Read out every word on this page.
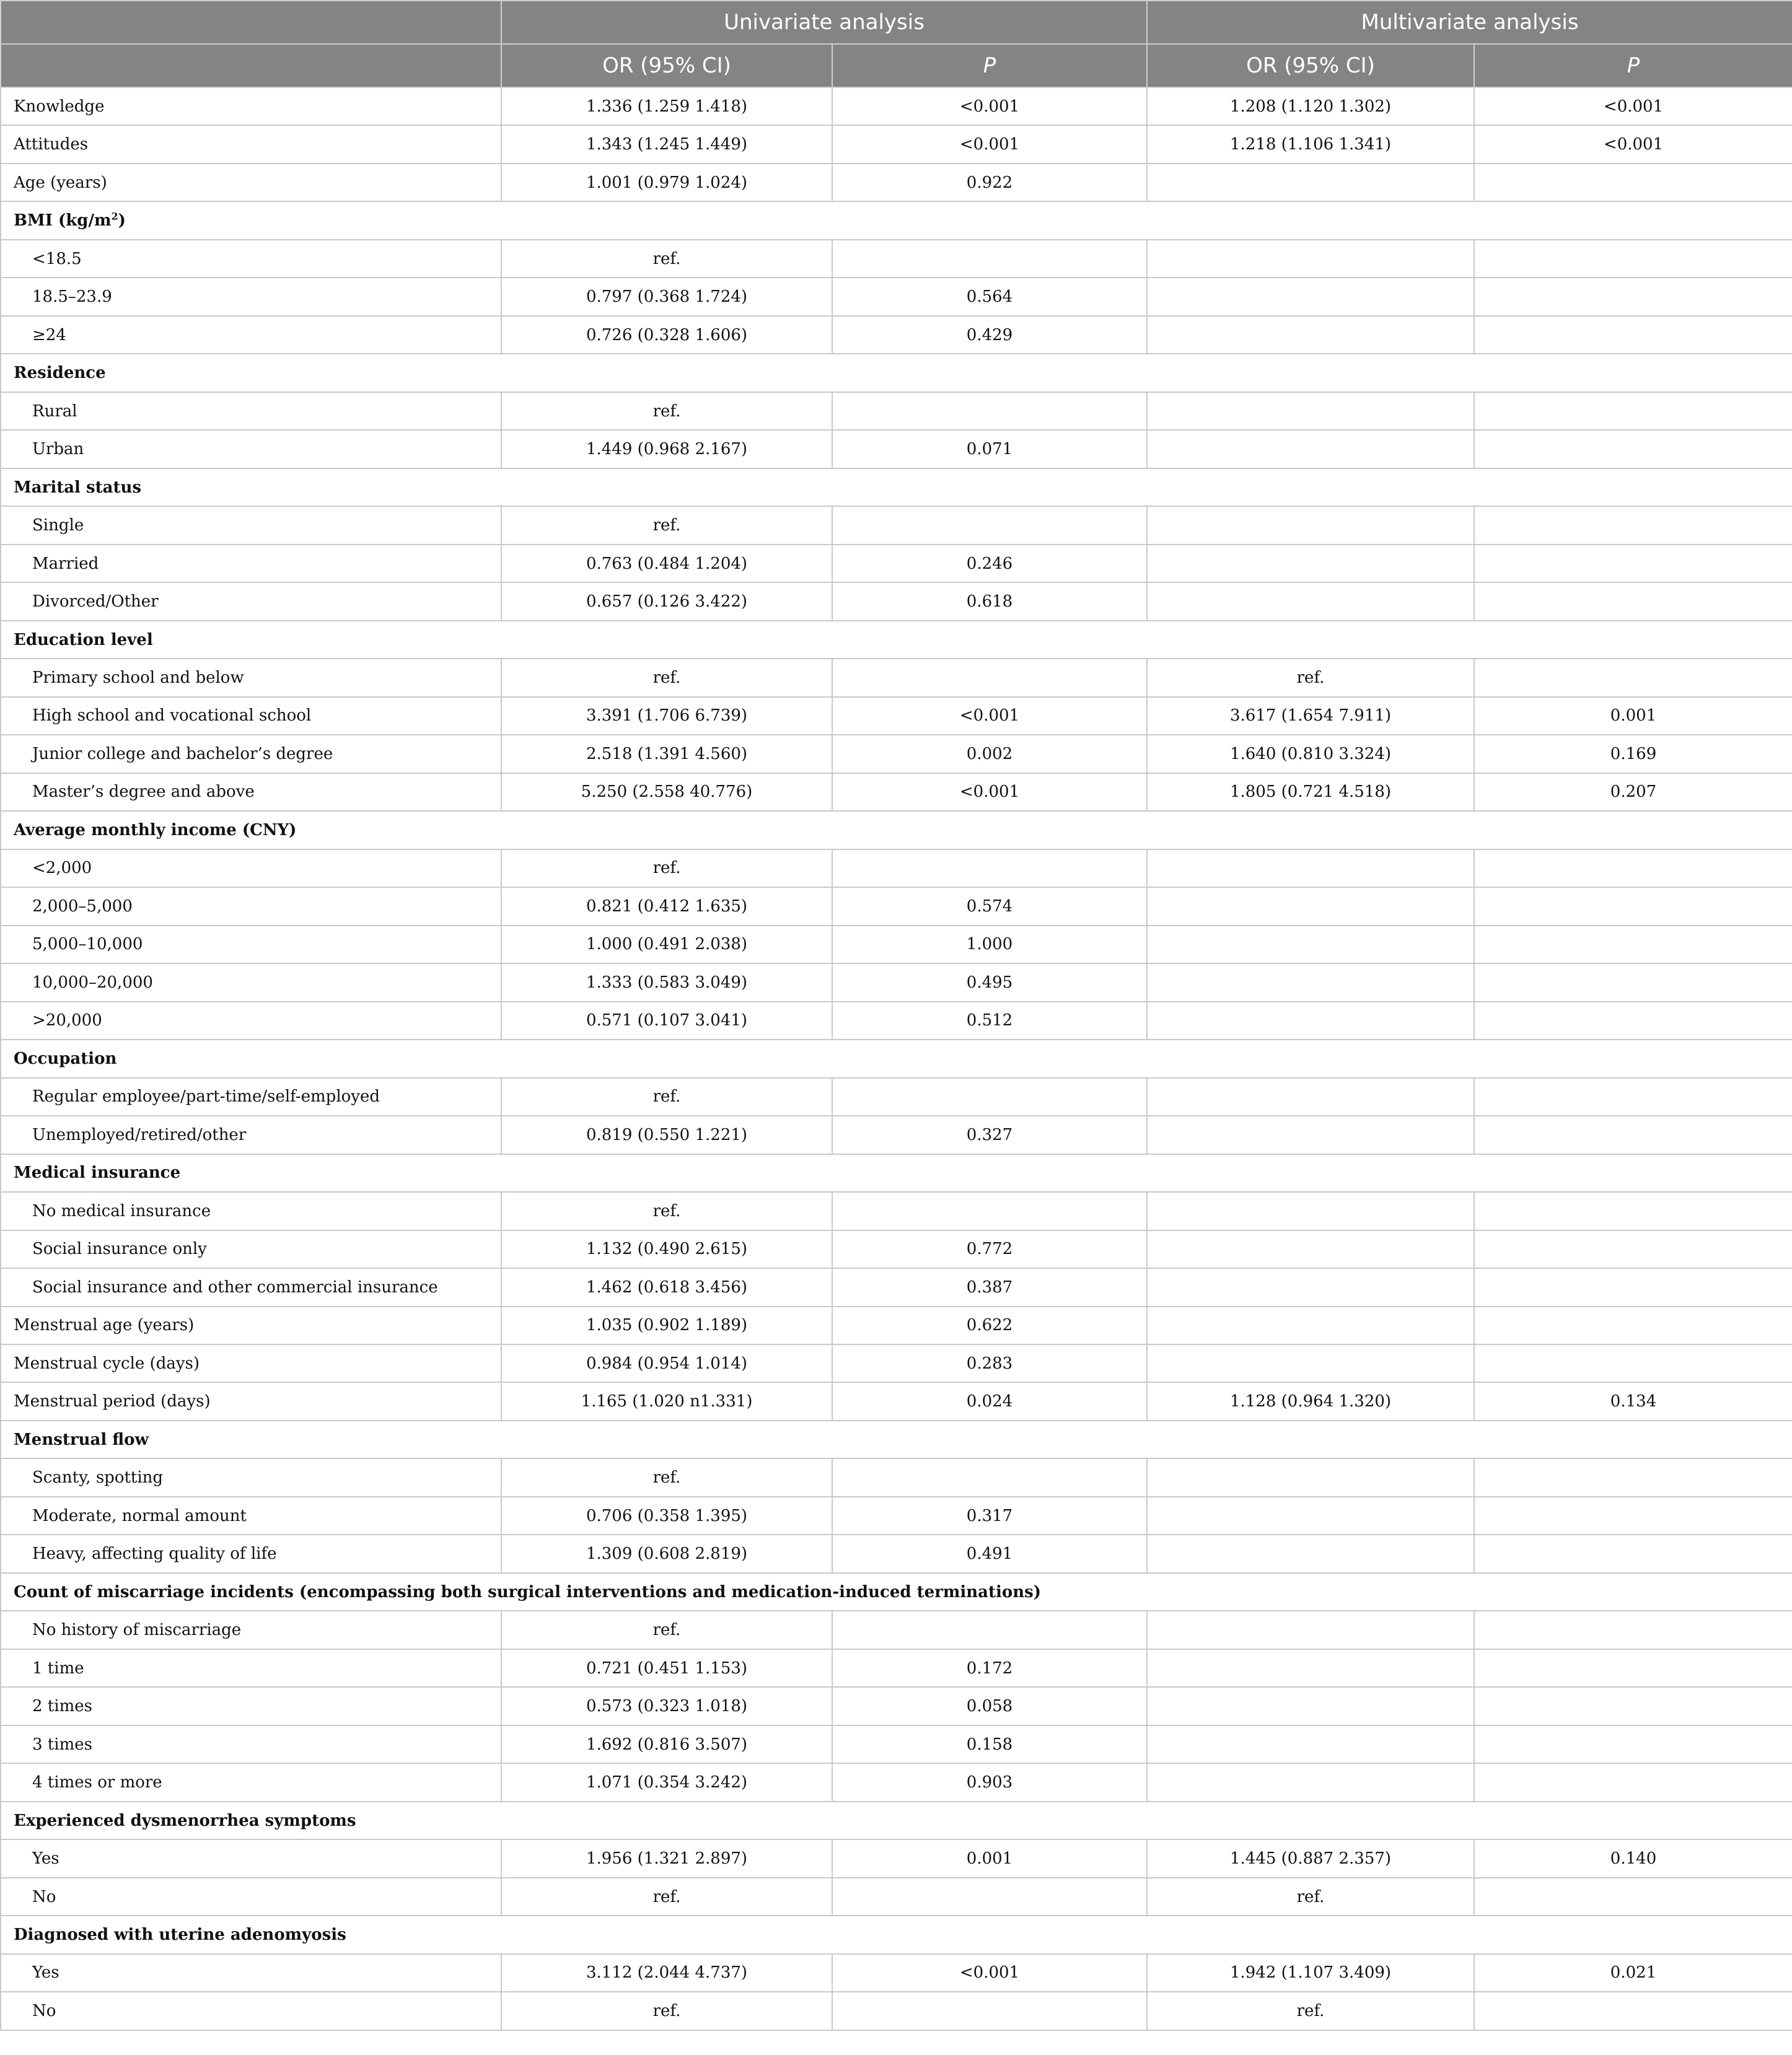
	Univariate analysis		Multivariate analysis	
	OR (95% CI)	P	OR (95% CI)	P
Knowledge	1.336 (1.259 1.418)	<0.001	1.208 (1.120 1.302)	<0.001
Attitudes	1.343 (1.245 1.449)	<0.001	1.218 (1.106 1.341)	<0.001
Age (years)	1.001 (0.979 1.024)	0.922		
BMI $(kg/m^2)$				
<18.5	ref.			
18.5–23.9	0.797 (0.368 1.724)	0.564		
≥24	0.726 (0.328 1.606)	0.429		
Residence				
Rural	ref.			
Urban	1.449 (0.968 2.167)	0.071		
Marital status				
Single	ref.			
Married	0.763 (0.484 1.204)	0.246		
Divorced/Other	0.657 (0.126 3.422)	0.618		
Education level				
Primary school and below	ref.		ref.	
High school and vocational school	3.391 (1.706 6.739)	<0.001	3.617 (1.654 7.911)	0.001
Junior college and bachelor’s degree	2.518 (1.391 4.560)	0.002	1.640 (0.810 3.324)	0.169
Master’s degree and above	5.250 (2.558 40.776)	<0.001	1.805 (0.721 4.518)	0.207
Average monthly income (CNY)				
<2,000	ref.			
2,000–5,000	0.821 (0.412 1.635)	0.574		
5,000–10,000	1.000 (0.491 2.038)	1.000		
10,000–20,000	1.333 (0.583 3.049)	0.495		
>20,000	0.571 (0.107 3.041)	0.512		
Occupation				
Regular employee/part-time/self-employed	ref.			
Unemployed/retired/other	0.819 (0.550 1.221)	0.327		
Medical insurance				
No medical insurance	ref.			
Social insurance only	1.132 (0.490 2.615)	0.772		
Social insurance and other commercial insurance	1.462 (0.618 3.456)	0.387		
Menstrual age (years)	1.035 (0.902 1.189)	0.622		
Menstrual cycle (days)	0.984 (0.954 1.014)	0.283		
Menstrual period (days)	1.165 (1.020 n1.331)	0.024	1.128 (0.964 1.320)	0.134
Menstrual flow				
Scanty, spotting	ref.			
Moderate, normal amount	0.706 (0.358 1.395)	0.317		
Heavy, affecting quality of life	1.309 (0.608 2.819)	0.491		
Count of miscarriage incidents (encompassing both surgical interventions and medication-induced terminations)				
No history of miscarriage	ref.			
1 time	0.721 (0.451 1.153)	0.172		
2 times	0.573 (0.323 1.018)	0.058		
3 times	1.692 (0.816 3.507)	0.158		
4 times or more	1.071 (0.354 3.242)	0.903		
Experienced dysmenorrhea symptoms				
Yes	1.956 (1.321 2.897)	0.001	1.445 (0.887 2.357)	0.140
No	ref.		ref.	
Diagnosed with uterine adenomyosis				
Yes	3.112 (2.044 4.737)	<0.001	1.942 (1.107 3.409)	0.021
No	ref.		ref.	
